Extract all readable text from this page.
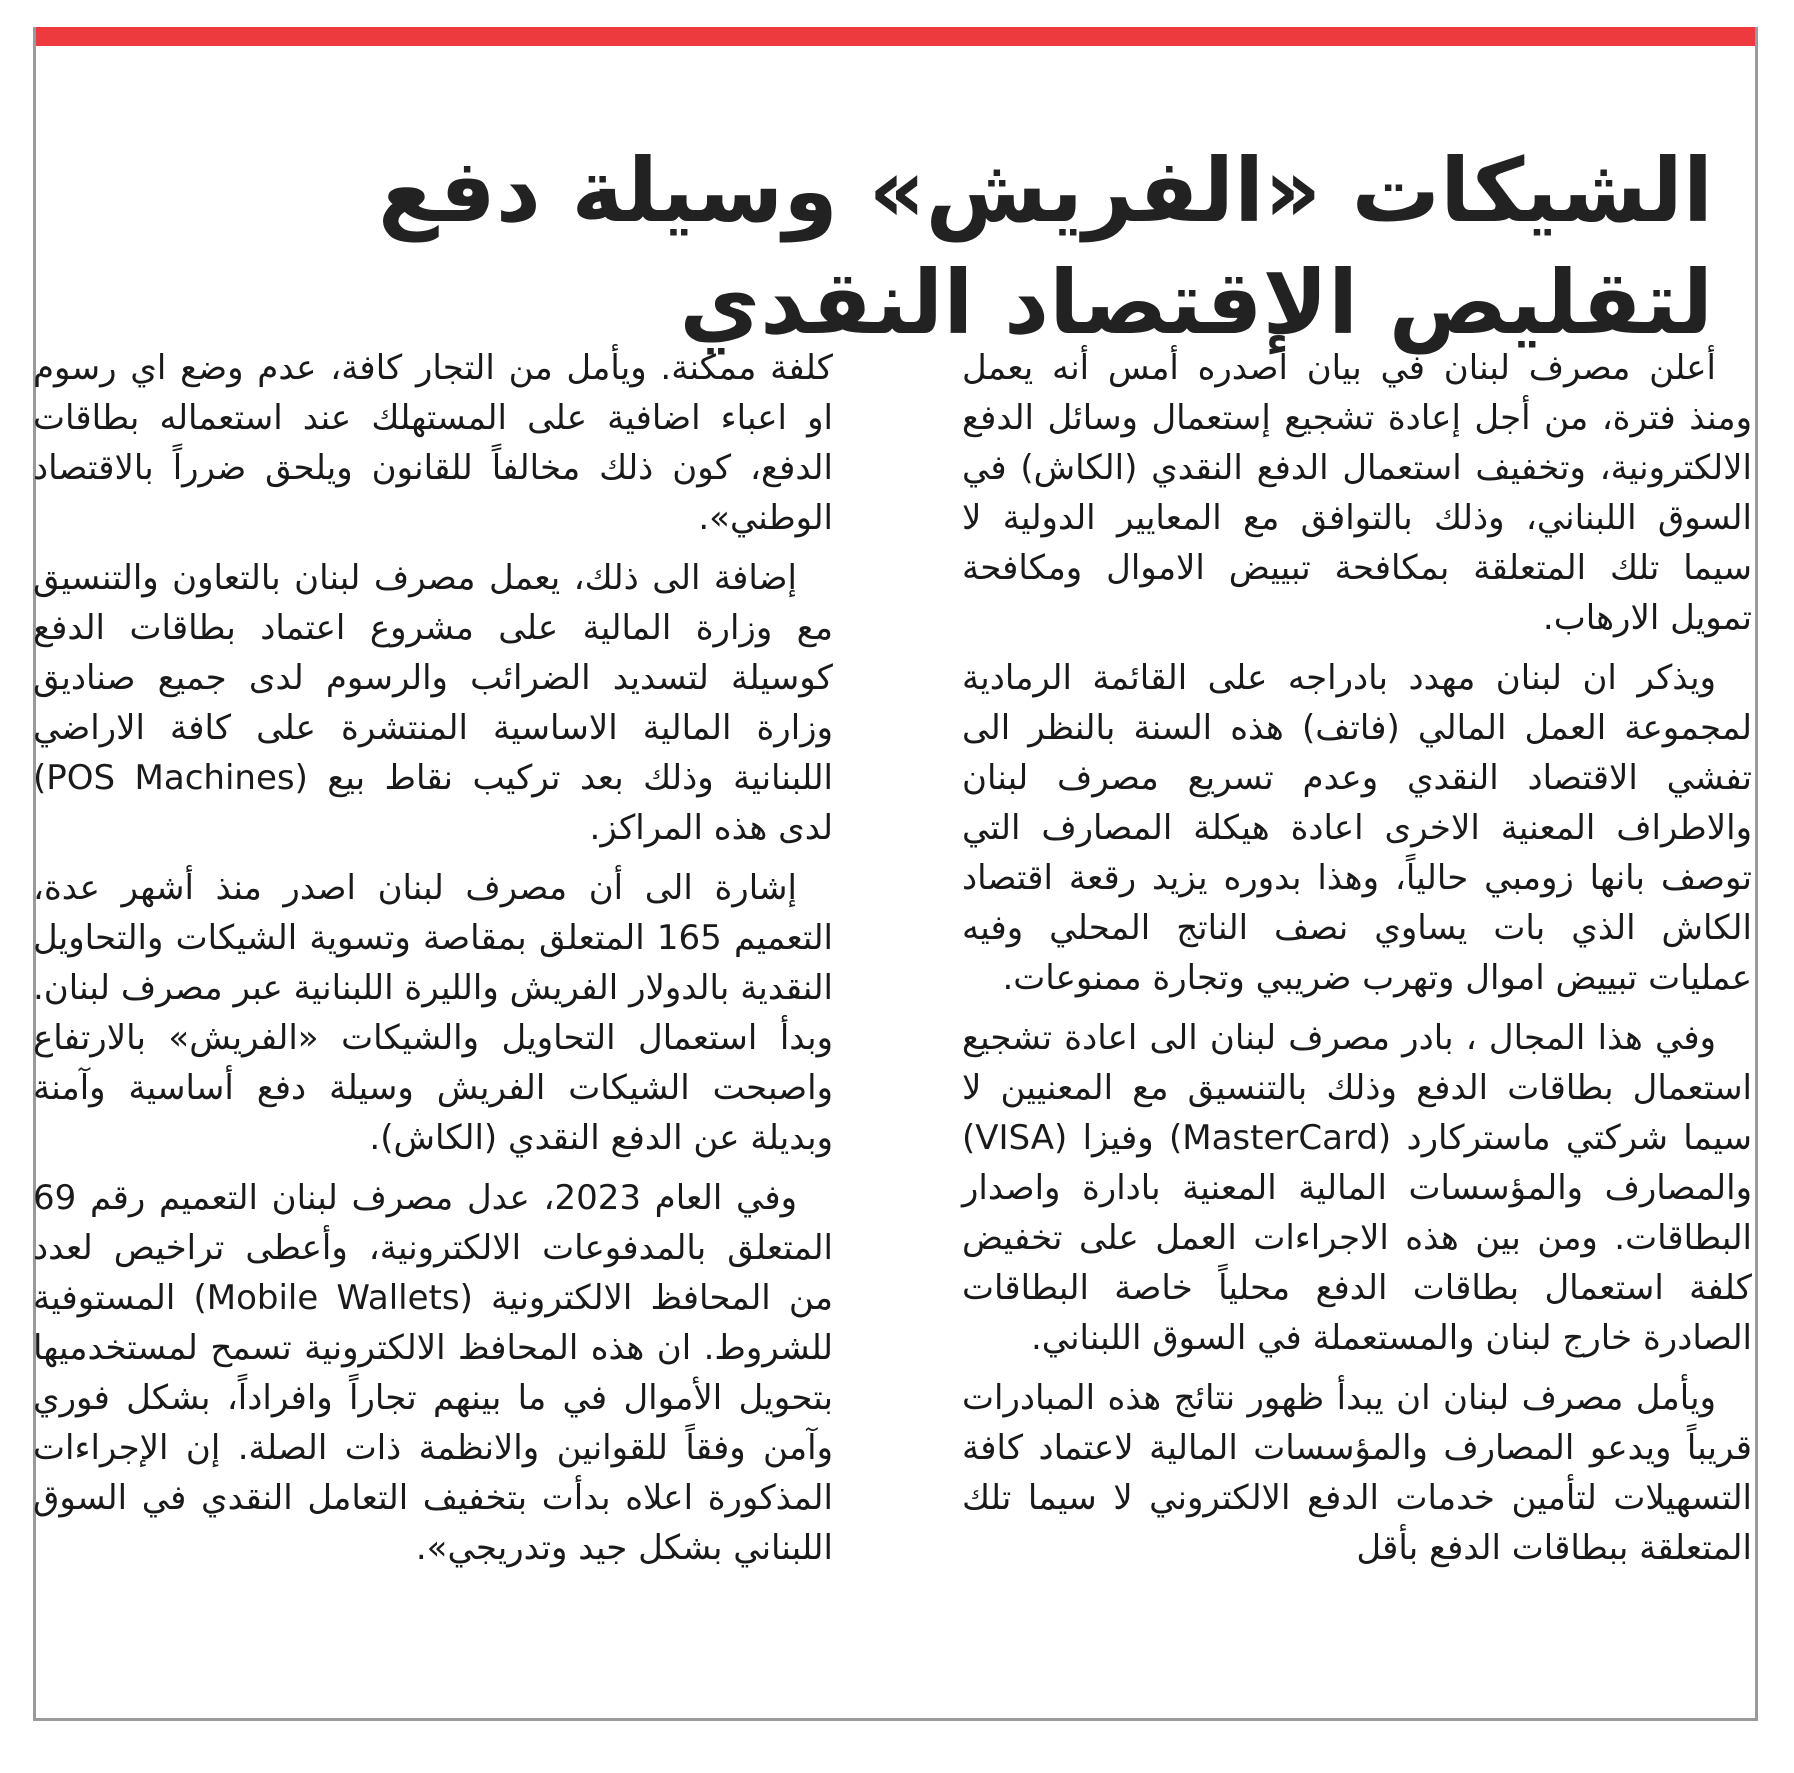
الشيكات «الفريش» وسيلة دفع لتقليص الإقتصاد النقدي

أعلن مصرف لبنان في بيان اصدره أمس أنه يعمل ومنذ فترة، من أجل إعادة تشجيع إستعمال وسائل الدفع الالكترونية، وتخفيف استعمال الدفع النقدي (الكاش) في السوق اللبناني، وذلك بالتوافق مع المعايير الدولية لا سيما تلك المتعلقة بمكافحة تبييض الاموال ومكافحة تمويل الارهاب.

ويذكر ان لبنان مهدد بادراجه على القائمة الرمادية لمجموعة العمل المالي (فاتف) هذه السنة بالنظر الى تفشي الاقتصاد النقدي وعدم تسريع مصرف لبنان والاطراف المعنية الاخرى اعادة هيكلة المصارف التي توصف بانها زومبي حالياً، وهذا بدوره يزيد رقعة اقتصاد الكاش الذي بات يساوي نصف الناتج المحلي وفيه عمليات تبييض اموال وتهرب ضريبي وتجارة ممنوعات.

وفي هذا المجال ، بادر مصرف لبنان الى اعادة تشجيع استعمال بطاقات الدفع وذلك بالتنسيق مع المعنيين لا سيما شركتي ماستركارد (MasterCard) وفيزا (VISA) والمصارف والمؤسسات المالية المعنية بادارة واصدار البطاقات. ومن بين هذه الاجراءات العمل على تخفيض كلفة استعمال بطاقات الدفع محلياً خاصة البطاقات الصادرة خارج لبنان والمستعملة في السوق اللبناني.

ويأمل مصرف لبنان ان يبدأ ظهور نتائج هذه المبادرات قريباً ويدعو المصارف والمؤسسات المالية لاعتماد كافة التسهيلات لتأمين خدمات الدفع الالكتروني لا سيما تلك المتعلقة ببطاقات الدفع بأقل

كلفة ممكنة. ويأمل من التجار كافة، عدم وضع اي رسوم او اعباء اضافية على المستهلك عند استعماله بطاقات الدفع، كون ذلك مخالفاً للقانون ويلحق ضرراً بالاقتصاد الوطني».

إضافة الى ذلك، يعمل مصرف لبنان بالتعاون والتنسيق مع وزارة المالية على مشروع اعتماد بطاقات الدفع كوسيلة لتسديد الضرائب والرسوم لدى جميع صناديق وزارة المالية الاساسية المنتشرة على كافة الاراضي اللبنانية وذلك بعد تركيب نقاط بيع (POS Machines) لدى هذه المراكز.

إشارة الى أن مصرف لبنان اصدر منذ أشهر عدة، التعميم 165 المتعلق بمقاصة وتسوية الشيكات والتحاويل النقدية بالدولار الفريش والليرة اللبنانية عبر مصرف لبنان. وبدأ استعمال التحاويل والشيكات «الفريش» بالارتفاع واصبحت الشيكات الفريش وسيلة دفع أساسية وآمنة وبديلة عن الدفع النقدي (الكاش).

وفي العام 2023، عدل مصرف لبنان التعميم رقم 69 المتعلق بالمدفوعات الالكترونية، وأعطى تراخيص لعدد من المحافظ الالكترونية (Mobile Wallets) المستوفية للشروط. ان هذه المحافظ الالكترونية تسمح لمستخدميها بتحويل الأموال في ما بينهم تجاراً وافراداً، بشكل فوري وآمن وفقاً للقوانين والانظمة ذات الصلة. إن الإجراءات المذكورة اعلاه بدأت بتخفيف التعامل النقدي في السوق اللبناني بشكل جيد وتدريجي».
